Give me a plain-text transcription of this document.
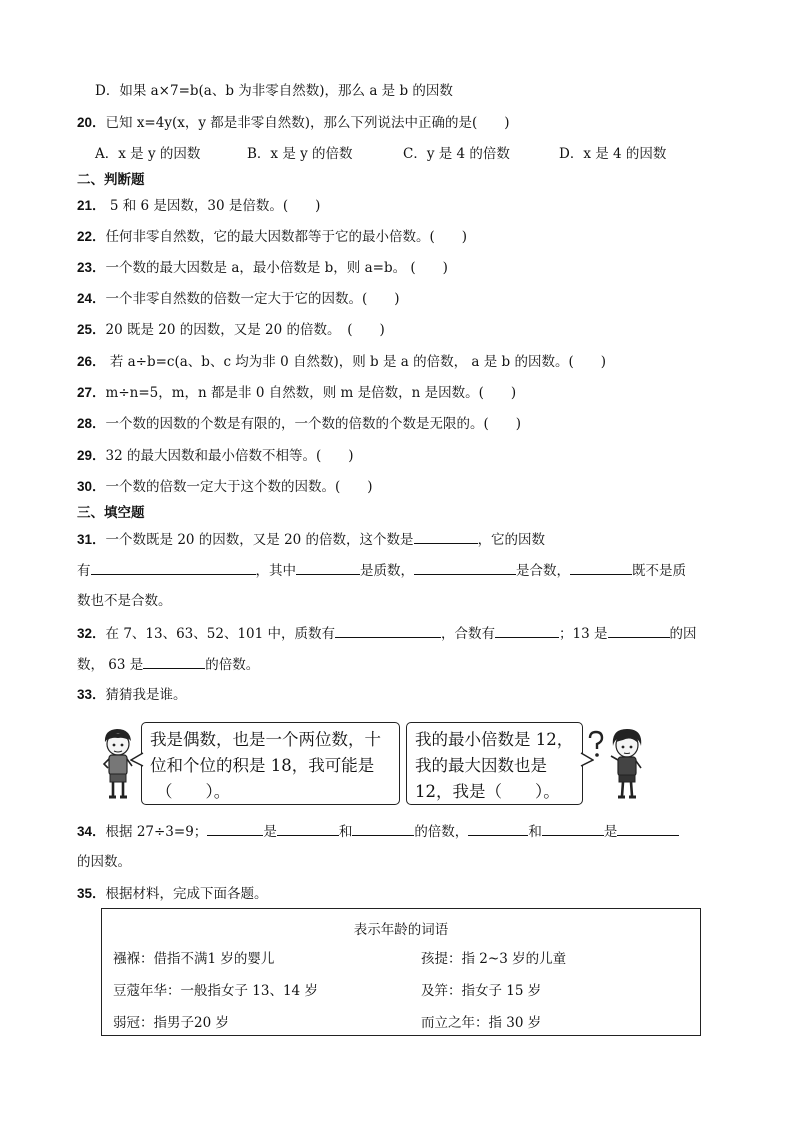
D．如果 a×7=b(a、b 为非零自然数)，那么 a 是 b 的因数
20．已知 x=4y(x，y 都是非零自然数)，那么下列说法中正确的是(　　)
A．x 是 y 的因数	B．x 是 y 的倍数	C．y 是 4 的倍数	D．x 是 4 的因数
二、判断题
21． 5 和 6 是因数，30 是倍数。(　　)
22．任何非零自然数，它的最大因数都等于它的最小倍数。(　　)
23．一个数的最大因数是 a，最小倍数是 b，则 a=b。 (　　)
24．一个非零自然数的倍数一定大于它的因数。(　　)
25．20 既是 20 的因数，又是 20 的倍数。　(　　)
26． 若 a÷b=c(a、b、c 均为非 0 自然数)，则 b 是 a 的倍数， a 是 b 的因数。(　　)
27．m÷n=5，m，n 都是非 0 自然数，则 m 是倍数，n 是因数。(　　)
28．一个数的因数的个数是有限的，一个数的倍数的个数是无限的。(　　)
29．32 的最大因数和最小倍数不相等。(　　)
30．一个数的倍数一定大于这个数的因数。(　　)
三、填空题
31．一个数既是 20 的因数，又是 20 的倍数，这个数是	，它的因数
有	，其中	是质数，	是合数，	既不是质
数也不是合数。
32．在 7、13、63、52、101 中，质数有	，合数有	；13 是	的因
数， 63 是	的倍数。
33．猜猜我是谁。
我是偶数，也是一个两位数，十
位和个位的积是 18，我可能是
（　　）。
我的最小倍数是 12，
我的最大因数也是
12，我是（　　）。
34．根据 27÷3=9；	是	和	的倍数，	和	是
的因数。
35．根据材料，完成下面各题。
表示年龄的词语
襁褓：借指不满1 岁的婴儿	孩提：指 2~3 岁的儿童
豆蔻年华：一般指女子 13、14 岁	及笄：指女子 15 岁
弱冠：指男子20 岁	而立之年：指 30 岁
